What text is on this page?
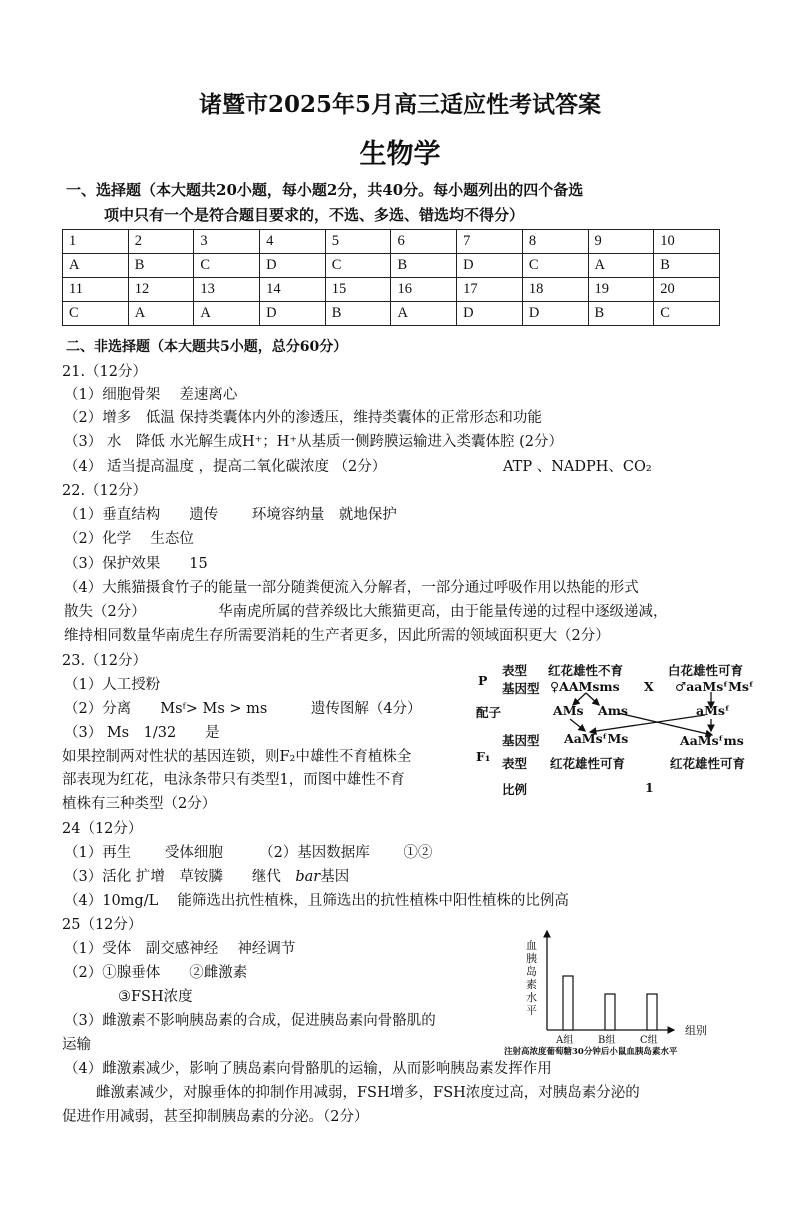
诸暨市2025年5月高三适应性考试答案
生物学
一、选择题（本大题共20小题，每小题2分，共40分。每小题列出的四个备选
项中只有一个是符合题目要求的，不选、多选、错选均不得分）
1	2	3	4	5	6	7	8	9	10
A	B	C	D	C	B	D	C	A	B
11	12	13	14	15	16	17	18	19	20
C	A	A	D	B	A	D	D	B	C
二、非选择题（本大题共5小题，总分60分）
21.（12分）
（1）细胞骨架　 差速离心
（2）增多　低温 保持类囊体内外的渗透压，维持类囊体的正常形态和功能
（3） 水　降低 水光解生成H⁺；H⁺从基质一侧跨膜运输进入类囊体腔 (2分）
（4） 适当提高温度 ，提高二氧化碳浓度 （2分）	ATP 、NADPH、CO₂
22.（12分）
（1）垂直结构　　遗传　　 环境容纳量　就地保护
（2）化学　 生态位
（3）保护效果　　15
（4）大熊猫摄食竹子的能量一部分随粪便流入分解者，一部分通过呼吸作用以热能的形式
散失（2分）	华南虎所属的营养级比大熊猫更高，由于能量传递的过程中逐级递减，
维持相同数量华南虎生存所需要消耗的生产者更多，因此所需的领域面积更大（2分）
23.（12分）
（1）人工授粉
（2）分离　　Msᶠ> Ms > ms　　　遗传图解（4分）
（3） Ms　1/32　　是
如果控制两对性状的基因连锁，则F₂中雄性不育植株全
部表现为红花，电泳条带只有类型1，而图中雄性不育
植株有三种类型（2分）
P
表型 红花雄性不育	白花雄性可育
基因型 ♀AAMsms X ♂aaMsᶠMsᶠ
配子	AMs Ams	aMsᶠ
基因型 AaMsᶠMs	AaMsᶠms
F₁ 表型 红花雄性可育	红花雄性可育
比例	1
24（12分）
（1）再生　　 受体细胞　　　（2）基因数据库　　 ①②
（3）活化 扩增　草铵膦　　继代　bar基因
（4）10mg/L　 能筛选出抗性植株，且筛选出的抗性植株中阳性植株的比例高
25（12分）
（1）受体　副交感神经　 神经调节
（2）①腺垂体　　②雌激素
③FSH浓度
（3）雌激素不影响胰岛素的合成，促进胰岛素向骨骼肌的
运输
（4）雌激素减少，影响了胰岛素向骨骼肌的运输，从而影响胰岛素发挥作用
雌激素减少，对腺垂体的抑制作用减弱，FSH增多，FSH浓度过高，对胰岛素分泌的
促进作用减弱，甚至抑制胰岛素的分泌。（2分）
血胰岛素水平
组别
A组 B组 C组
注射高浓度葡萄糖30分钟后小鼠血胰岛素水平
